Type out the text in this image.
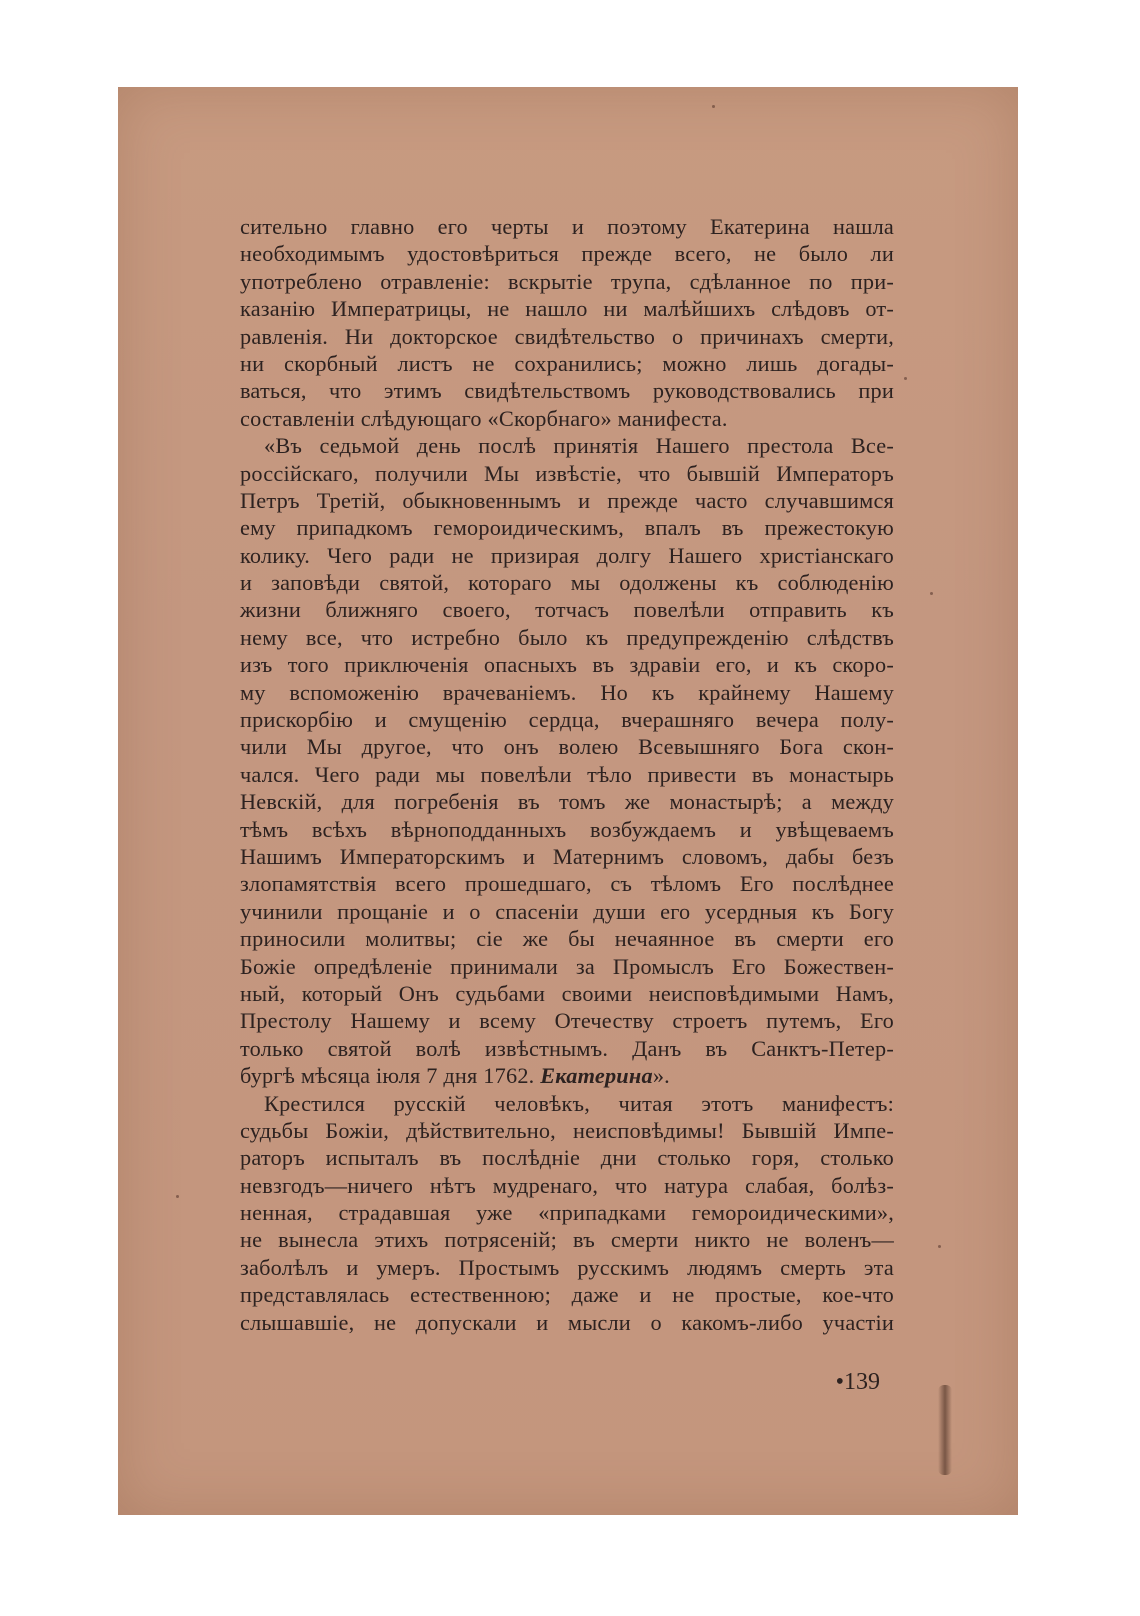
сительно главно его черты и поэтому Екатерина нашла
необходимымъ удостовѣриться прежде всего, не было ли
употреблено отравленіе: вскрытіе трупа, сдѣланное по при-
казанію Императрицы, не нашло ни малѣйшихъ слѣдовъ от-
равленія. Ни докторское свидѣтельство о причинахъ смерти,
ни скорбный листъ не сохранились; можно лишь догады-
ваться, что этимъ свидѣтельствомъ руководствовались при
составленіи слѣдующаго «Скорбнаго» манифеста.

«Въ седьмой день послѣ принятія Нашего престола Все-
россійскаго, получили Мы извѣстіе, что бывшій Императоръ
Петръ Третій, обыкновеннымъ и прежде часто случавшимся
ему припадкомъ гемороидическимъ, впалъ въ прежестокую
колику. Чего ради не призирая долгу Нашего христіанскаго
и заповѣди святой, котораго мы одолжены къ соблюденію
жизни ближняго своего, тотчасъ повелѣли отправить къ
нему все, что истребно было къ предупрежденію слѣдствъ
изъ того приключенія опасныхъ въ здравіи его, и къ скоро-
му вспоможенію врачеваніемъ. Но къ крайнему Нашему
прискорбію и смущенію сердца, вчерашняго вечера полу-
чили Мы другое, что онъ волею Всевышняго Бога скон-
чался. Чего ради мы повелѣли тѣло привести въ монастырь
Невскій, для погребенія въ томъ же монастырѣ; а между
тѣмъ всѣхъ вѣрноподданныхъ возбуждаемъ и увѣщеваемъ
Нашимъ Императорскимъ и Матернимъ словомъ, дабы безъ
злопамятствія всего прошедшаго, съ тѣломъ Его послѣднее
учинили прощаніе и о спасеніи души его усердныя къ Богу
приносили молитвы; сіе же бы нечаянное въ смерти его
Божіе опредѣленіе принимали за Промыслъ Его Божествен-
ный, который Онъ судьбами своими неисповѣдимыми Намъ,
Престолу Нашему и всему Отечеству строетъ путемъ, Его
только святой волѣ извѣстнымъ. Данъ въ Санктъ-Петер-
бургѣ мѣсяца іюля 7 дня 1762. Екатерина».

Крестился русскій человѣкъ, читая этотъ манифестъ:
судьбы Божіи, дѣйствительно, неисповѣдимы! Бывшій Импе-
раторъ испыталъ въ послѣдніе дни столько горя, столько
невзгодъ—ничего нѣтъ мудренаго, что натура слабая, болѣз-
ненная, страдавшая уже «припадками гемороидическими»,
не вынесла этихъ потрясеній; въ смерти никто не воленъ—
заболѣлъ и умеръ. Простымъ русскимъ людямъ смерть эта
представлялась естественною; даже и не простые, кое-что
слышавшіе, не допускали и мысли о какомъ-либо участіи

•139
